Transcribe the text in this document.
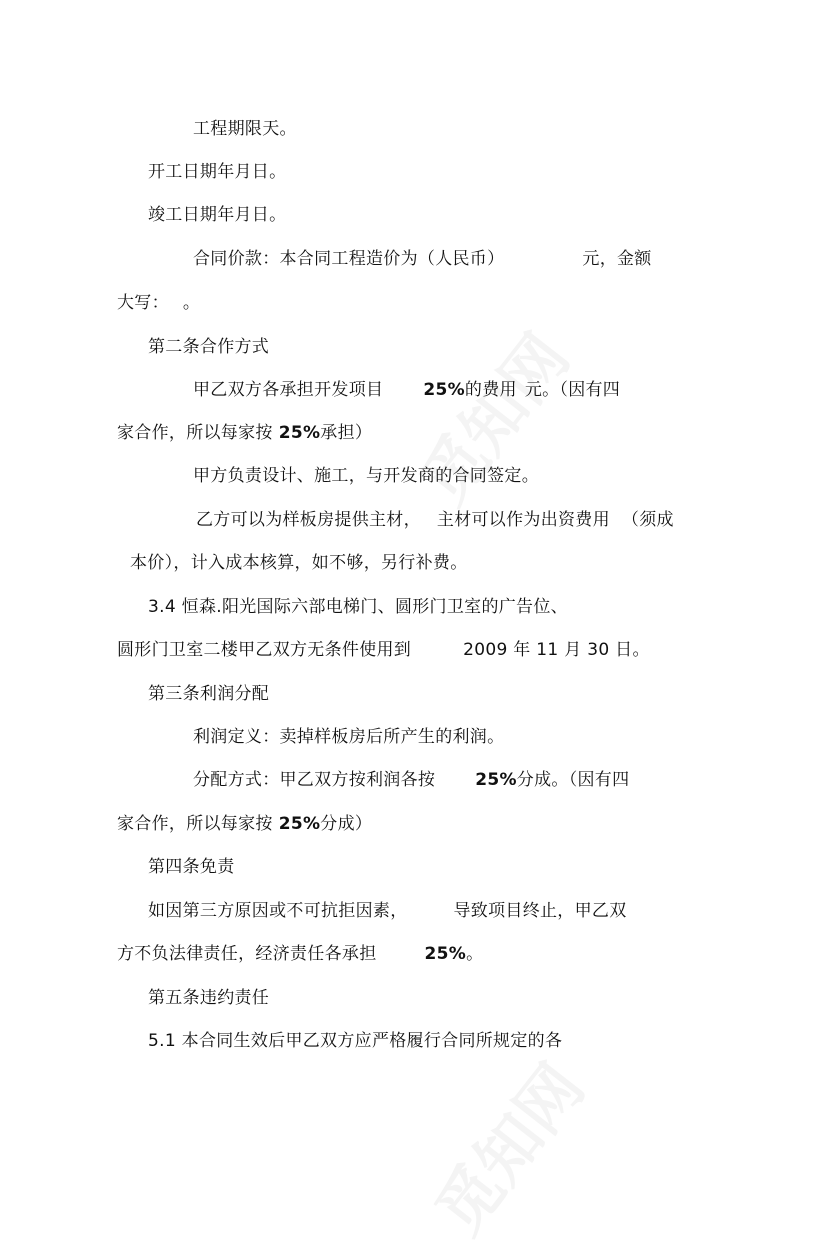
工程期限天。
开工日期年月日。
竣工日期年月日。
合同价款：本合同工程造价为（人民币）	元，金额
大写： 。
第二条合作方式
甲乙双方各承担开发项目 25%的费用 元。（因有四
家合作，所以每家按 25%承担）
甲方负责设计、施工，与开发商的合同签定。
乙方可以为样板房提供主材， 主材可以作为出资费用 （须成
本价），计入成本核算，如不够，另行补费。
3.4 恒森.阳光国际六部电梯门、圆形门卫室的广告位、
圆形门卫室二楼甲乙双方无条件使用到	2009 年 11 月 30 日。
第三条利润分配
利润定义：卖掉样板房后所产生的利润。
分配方式：甲乙双方按利润各按 25%分成。（因有四
家合作，所以每家按 25%分成）
第四条免责
如因第三方原因或不可抗拒因素，	导致项目终止，甲乙双
方不负法律责任，经济责任各承担	25%。
第五条违约责任
5.1 本合同生效后甲乙双方应严格履行合同所规定的各
